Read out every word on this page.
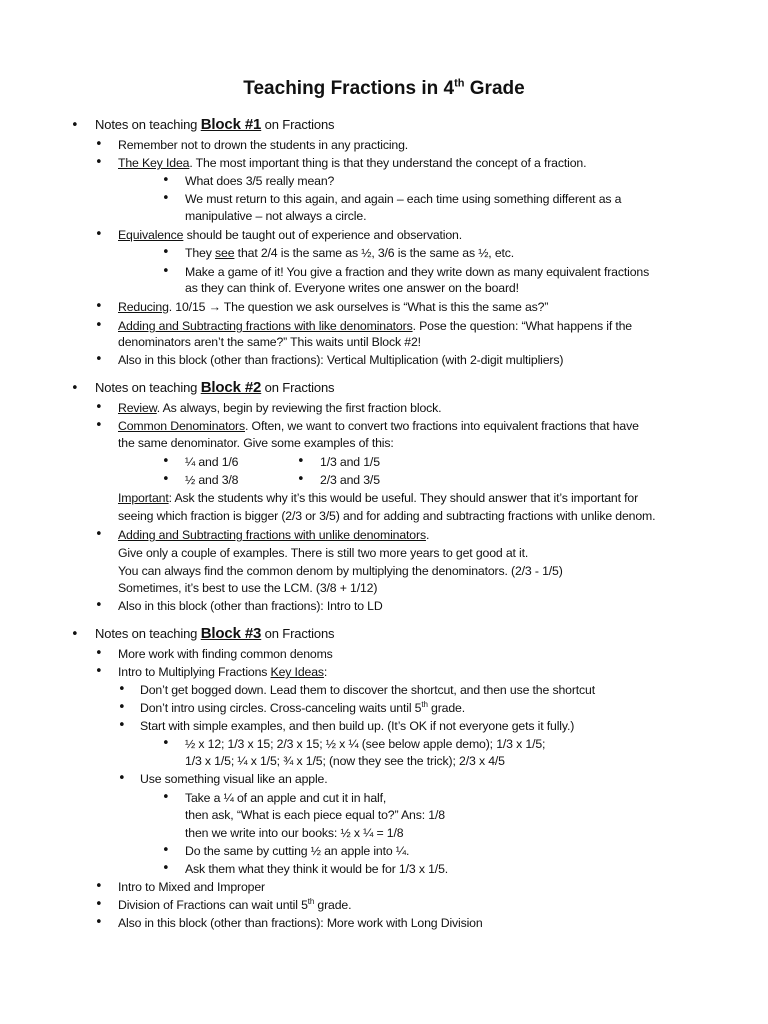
Teaching Fractions in 4th Grade
• Notes on teaching Block #1 on Fractions
• Remember not to drown the students in any practicing.
• The Key Idea. The most important thing is that they understand the concept of a fraction.
• What does 3/5 really mean?
• We must return to this again, and again – each time using something different as a
manipulative – not always a circle.
• Equivalence should be taught out of experience and observation.
• They see that 2/4 is the same as ½, 3/6 is the same as ½, etc.
• Make a game of it! You give a fraction and they write down as many equivalent fractions
as they can think of. Everyone writes one answer on the board!
• Reducing. 10/15 → The question we ask ourselves is “What is this the same as?”
• Adding and Subtracting fractions with like denominators. Pose the question: “What happens if the
denominators aren’t the same?” This waits until Block #2!
• Also in this block (other than fractions): Vertical Multiplication (with 2-digit multipliers)
• Notes on teaching Block #2 on Fractions
• Review. As always, begin by reviewing the first fraction block.
• Common Denominators. Often, we want to convert two fractions into equivalent fractions that have
the same denominator. Give some examples of this:
• ¼ and 1/6	• 1/3 and 1/5
• ½ and 3/8	• 2/3 and 3/5
Important: Ask the students why it’s this would be useful. They should answer that it’s important for
seeing which fraction is bigger (2/3 or 3/5) and for adding and subtracting fractions with unlike denom.
• Adding and Subtracting fractions with unlike denominators.
Give only a couple of examples. There is still two more years to get good at it.
You can always find the common denom by multiplying the denominators. (2/3 - 1/5)
Sometimes, it’s best to use the LCM. (3/8 + 1/12)
• Also in this block (other than fractions): Intro to LD
• Notes on teaching Block #3 on Fractions
• More work with finding common denoms
• Intro to Multiplying Fractions Key Ideas:
• Don’t get bogged down. Lead them to discover the shortcut, and then use the shortcut
• Don’t intro using circles. Cross-canceling waits until 5th grade.
• Start with simple examples, and then build up. (It’s OK if not everyone gets it fully.)
• ½ x 12; 1/3 x 15; 2/3 x 15; ½ x ¼ (see below apple demo); 1/3 x 1/5;
1/3 x 1/5; ¼ x 1/5; ¾ x 1/5; (now they see the trick); 2/3 x 4/5
• Use something visual like an apple.
• Take a ¼ of an apple and cut it in half,
then ask, “What is each piece equal to?” Ans: 1/8
then we write into our books: ½ x ¼ = 1/8
• Do the same by cutting ½ an apple into ¼.
• Ask them what they think it would be for 1/3 x 1/5.
• Intro to Mixed and Improper
• Division of Fractions can wait until 5th grade.
• Also in this block (other than fractions): More work with Long Division
